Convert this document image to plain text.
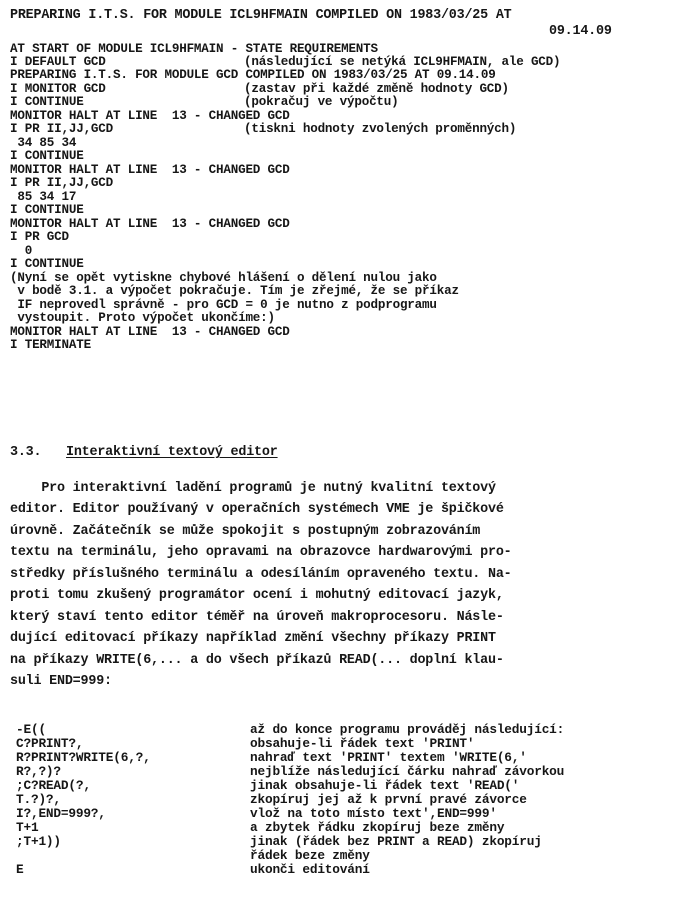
PREPARING I.T.S. FOR MODULE ICL9HFMAIN COMPILED ON 1983/03/25 AT
09.14.09
AT START OF MODULE ICL9HFMAIN - STATE REQUIREMENTS
I DEFAULT GCD	(následující se netýká ICL9HFMAIN, ale GCD)
PREPARING I.T.S. FOR MODULE GCD COMPILED ON 1983/03/25 AT 09.14.09
I MONITOR GCD	(zastav při každé změně hodnoty GCD)
I CONTINUE	(pokračuj ve výpočtu)
MONITOR HALT AT LINE  13 - CHANGED GCD
I PR II,JJ,GCD	(tiskni hodnoty zvolených proměnných)
34 85 34
I CONTINUE
MONITOR HALT AT LINE  13 - CHANGED GCD
I PR II,JJ,GCD
85 34 17
I CONTINUE
MONITOR HALT AT LINE  13 - CHANGED GCD
I PR GCD
0
I CONTINUE
(Nyní se opět vytiskne chybové hlášení o dělení nulou jako
v bodě 3.1. a výpočet pokračuje. Tím je zřejmé, že se příkaz
IF neprovedl správně - pro GCD = 0 je nutno z podprogramu
vystoupit. Proto výpočet ukončíme:)
MONITOR HALT AT LINE  13 - CHANGED GCD
I TERMINATE
3.3. Interaktivní textový editor
Pro interaktivní ladění programů je nutný kvalitní textový
editor. Editor používaný v operačních systémech VME je špičkové
úrovně. Začátečník se může spokojit s postupným zobrazováním
textu na terminálu, jeho opravami na obrazovce hardwarovými pro-
středky příslušného terminálu a odesíláním opraveného textu. Na-
proti tomu zkušený programátor ocení i mohutný editovací jazyk,
který staví tento editor téměř na úroveň makroprocesoru. Násle-
dující editovací příkazy například změní všechny příkazy PRINT
na příkazy WRITE(6,... a do všech příkazů READ(... doplní klau-
suli END=999:
-E((	až do konce programu prováděj následující:
C?PRINT?,	obsahuje-li řádek text 'PRINT'
R?PRINT?WRITE(6,?,	nahraď text 'PRINT' textem 'WRITE(6,'
R?,?)?	nejblíže následující čárku nahraď závorkou
;C?READ(?,	jinak obsahuje-li řádek text 'READ('
T.?)?,	zkopíruj jej až k první pravé závorce
I?,END=999?,	vlož na toto místo text',END=999'
T+1	a zbytek řádku zkopíruj beze změny
;T+1))	jinak (řádek bez PRINT a READ) zkopíruj
řádek beze změny
E	ukonči editování
